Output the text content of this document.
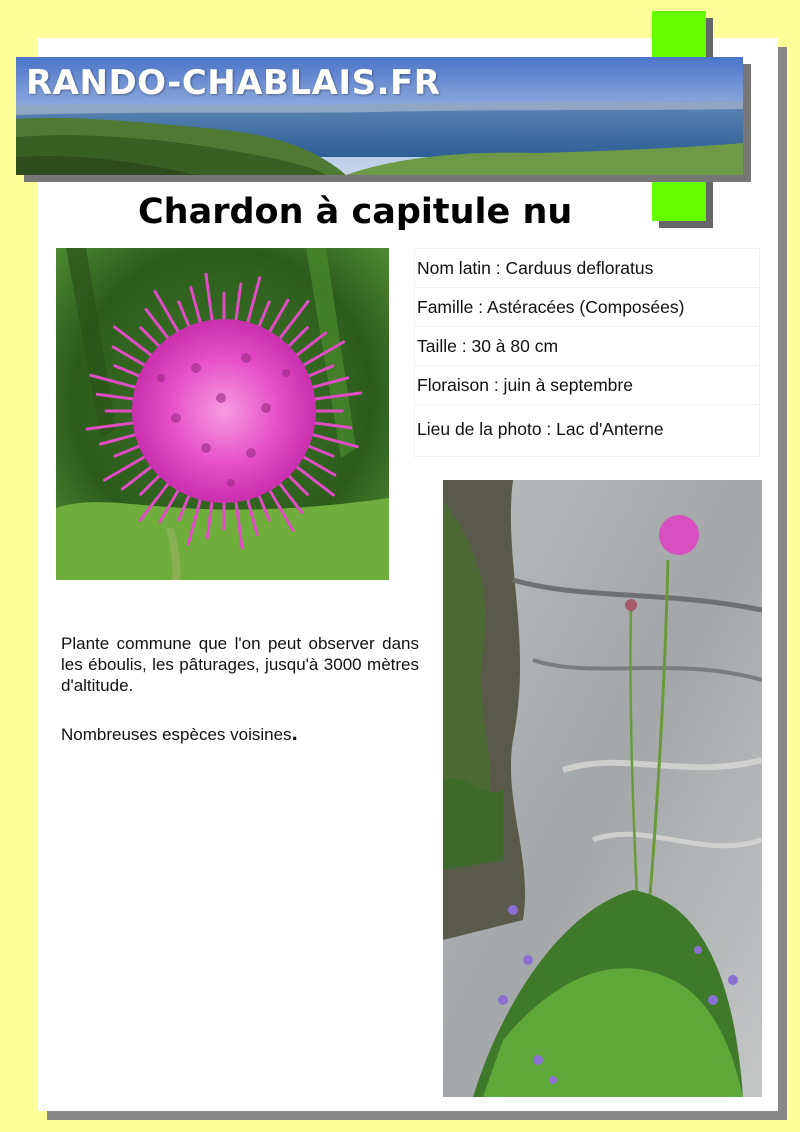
RANDO-CHABLAIS.FR
Chardon à capitule nu
Nom latin : Carduus defloratus
Famille : Astéracées (Composées)
Taille : 30 à 80 cm
Floraison : juin à septembre
Lieu de la photo : Lac d'Anterne
Plante commune que l'on peut observer dans les éboulis, les pâturages, jusqu'à 3000 mètres d'altitude.
Nombreuses espèces voisines.
